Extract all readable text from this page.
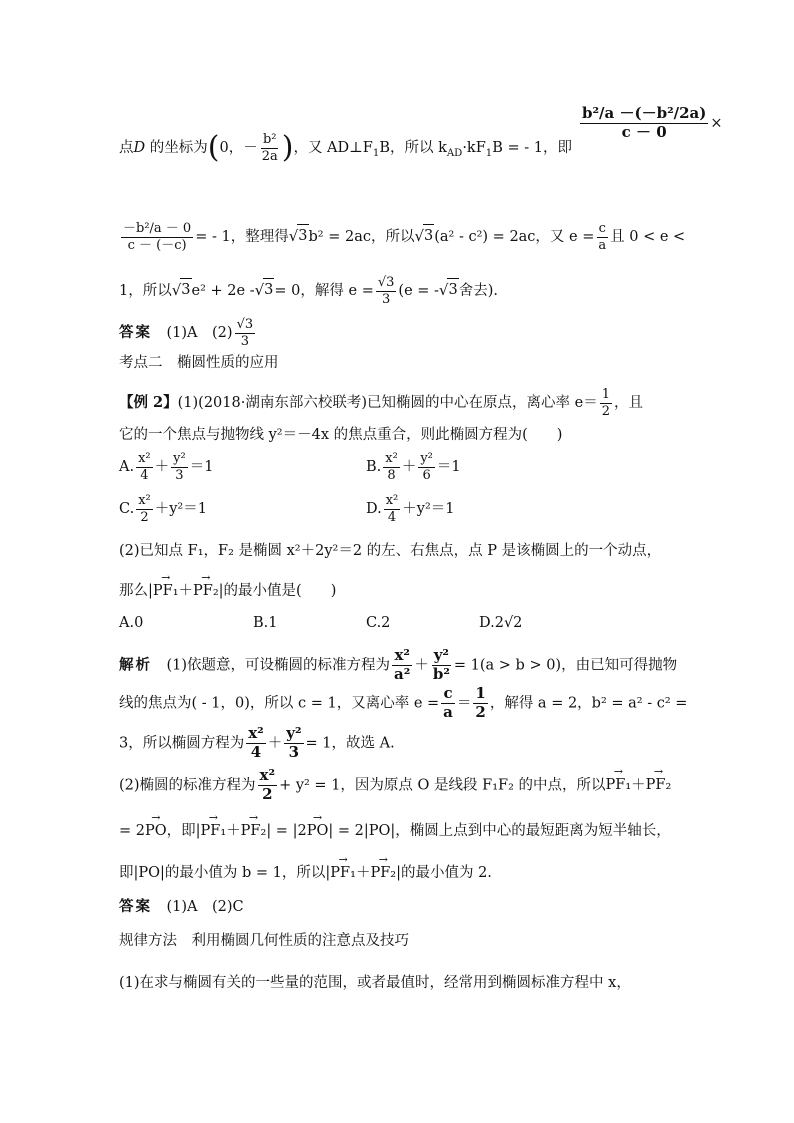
点D 的坐标为(0，－ $\frac{\text{b²}}{2a}$ )，又 $AD\perp F_1B$，所以 $k_{AD}\cdot kF_1B$ = - 1，即
$\frac{\text{b²/a －(－b²/2a)}}{c - 0}$ ×
$\frac{\text{－b²/a － 0}}{c - (-c)}$ = - 1，整理得 √ 3 b² = 2ac，所以 √ 3 (a² - c²) = 2ac，又 $e = \frac{c}{a}$ 且 0 < e <
1，所以 √ 3 e² + 2e - √ 3 = 0，解得 $e = \frac{√3}{3} (e$ = - √ 3 舍去).
答案　 (1)A　 $(2) \frac{√3}{3}$
考点二　椭圆性质的应用
【例 2】(1)(2018·湖南东部六校联考)已知椭圆的中心在原点，离心率 $e= \frac{1}{2}$ ，且
它的一个焦点与抛物线 y²＝－4x 的焦点重合，则此椭圆方程为(　　)
A. $\frac{\text{x²}}{4} + \frac{\text{y²}}{3} =1$	B. $\frac{\text{x²}}{8} + \frac{\text{y²}}{6} =1$
C. $\frac{\text{x²}}{2} +y^2=1$	D. $\frac{\text{x²}}{4} +y^2=1$
(2)已知点 F₁，F₂ 是椭圆 x²＋2y²＝2 的左、右焦点，点 P 是该椭圆上的一个动点，
那么|→ PF₁＋→ PF₂|的最小值是(　　)
A.0	B.1	C.2	D.2√2
解析　 (1)依题意，可设椭圆的标准方程为 $\frac{\text{x²}}{\text{a²}} + \frac{\text{y²}}{\text{b²}} = 1(a > b > 0)$，由已知可得抛物
线的焦点为( - 1，0)，所以 c = 1，又离心率 $e = \frac{c}{a} = \frac{1}{2}$ ，解得 a = 2，b² = a² - c² =
3，所以椭圆方程为 $\frac{\text{x²}}{4} + \frac{\text{y²}}{3} = 1$，故选 A.
(2)椭圆的标准方程为 $\frac{\text{x²}}{2} + y^2 = 1$，因为原点 O 是线段 F₁F₂ 的中点，所以→ PF₁＋→ PF₂
= 2→ PO，即|→ PF₁＋→ PF₂| = |2→ PO| = 2|PO|，椭圆上点到中心的最短距离为短半轴长，
即|PO|的最小值为 b = 1，所以|→ PF₁＋→ PF₂|的最小值为 2.
答案　 (1)A　 (2)C
规律方法　利用椭圆几何性质的注意点及技巧
(1)在求与椭圆有关的一些量的范围，或者最值时，经常用到椭圆标准方程中 x，
